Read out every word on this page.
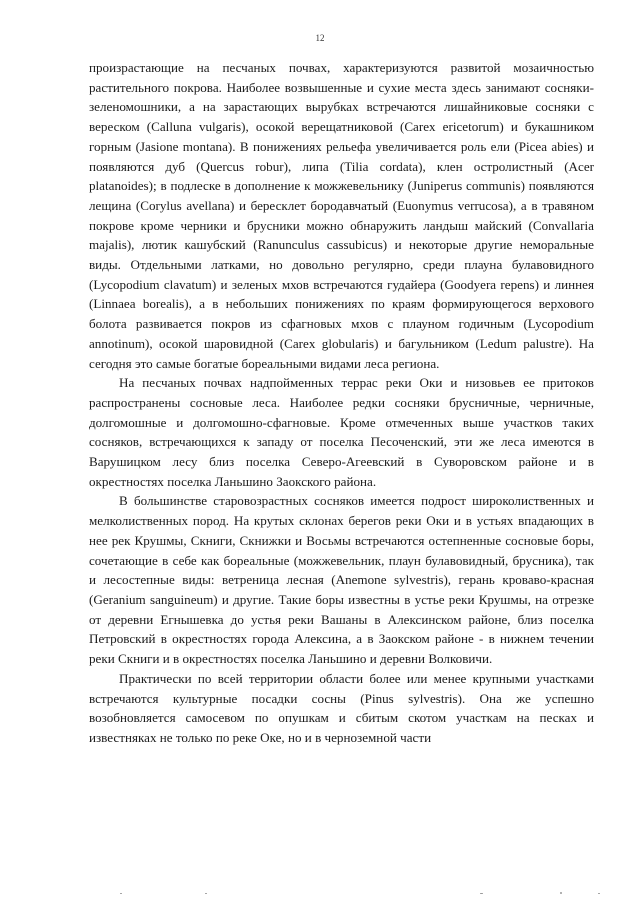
12

произрастающие на песчаных почвах, характеризуются развитой мозаичностью растительного покрова. Наиболее возвышенные и сухие места здесь занимают сосняки-зеленомошники, а на зарастающих вырубках встречаются лишайниковые сосняки с вереском (Calluna vulgaris), осокой верещатниковой (Carex ericetorum) и букашником горным (Jasione montana). В понижениях рельефа увеличивается роль ели (Picea abies) и появляются дуб (Quercus robur), липа (Tilia cordata), клен остролистный (Acer platanoides); в подлеске в дополнение к можжевельнику (Juniperus communis) появляются лещина (Corylus avellana) и бересклет бородавчатый (Euonymus verrucosa), а в травяном покрове кроме черники и брусники можно обнаружить ландыш майский (Convallaria majalis), лютик кашубский (Ranunculus cassubicus) и некоторые другие неморальные виды. Отдельными латками, но довольно регулярно, среди плауна булавовидного (Lycopodium clavatum) и зеленых мхов встречаются гудайера (Goodyera repens) и линнея (Linnaea borealis), а в небольших понижениях по краям формирующегося верхового болота развивается покров из сфагновых мхов с плауном годичным (Lycopodium annotinum), осокой шаровидной (Carex globularis) и багульником (Ledum palustre). На сегодня это самые богатые бореальными видами леса региона.

На песчаных почвах надпойменных террас реки Оки и низовьев ее притоков распространены сосновые леса. Наиболее редки сосняки брусничные, черничные, долгомошные и долгомошно-сфагновые. Кроме отмеченных выше участков таких сосняков, встречающихся к западу от поселка Песоченский, эти же леса имеются в Варушицком лесу близ поселка Северо-Агеевский в Суворовском районе и в окрестностях поселка Ланьшино Заокского района.

В большинстве старовозрастных сосняков имеется подрост широколиственных и мелколиственных пород. На крутых склонах берегов реки Оки и в устьях впадающих в нее рек Крушмы, Скниги, Скнижки и Восьмы встречаются остепненные сосновые боры, сочетающие в себе как бореальные (можжевельник, плаун булавовидный, брусника), так и лесостепные виды: ветреница лесная (Anemone sylvestris), герань кроваво-красная (Geranium sanguineum) и другие. Такие боры известны в устье реки Крушмы, на отрезке от деревни Егнышевка до устья реки Вашаны в Алексинском районе, близ поселка Петровский в окрестностях города Алексина, а в Заокском районе - в нижнем течении реки Скниги и в окрестностях поселка Ланьшино и деревни Волковичи.

Практически по всей территории области более или менее крупными участками встречаются культурные посадки сосны (Pinus sylvestris). Она же успешно возобновляется самосевом по опушкам и сбитым скотом участкам на песках и известняках не только по реке Оке, но и в черноземной части
